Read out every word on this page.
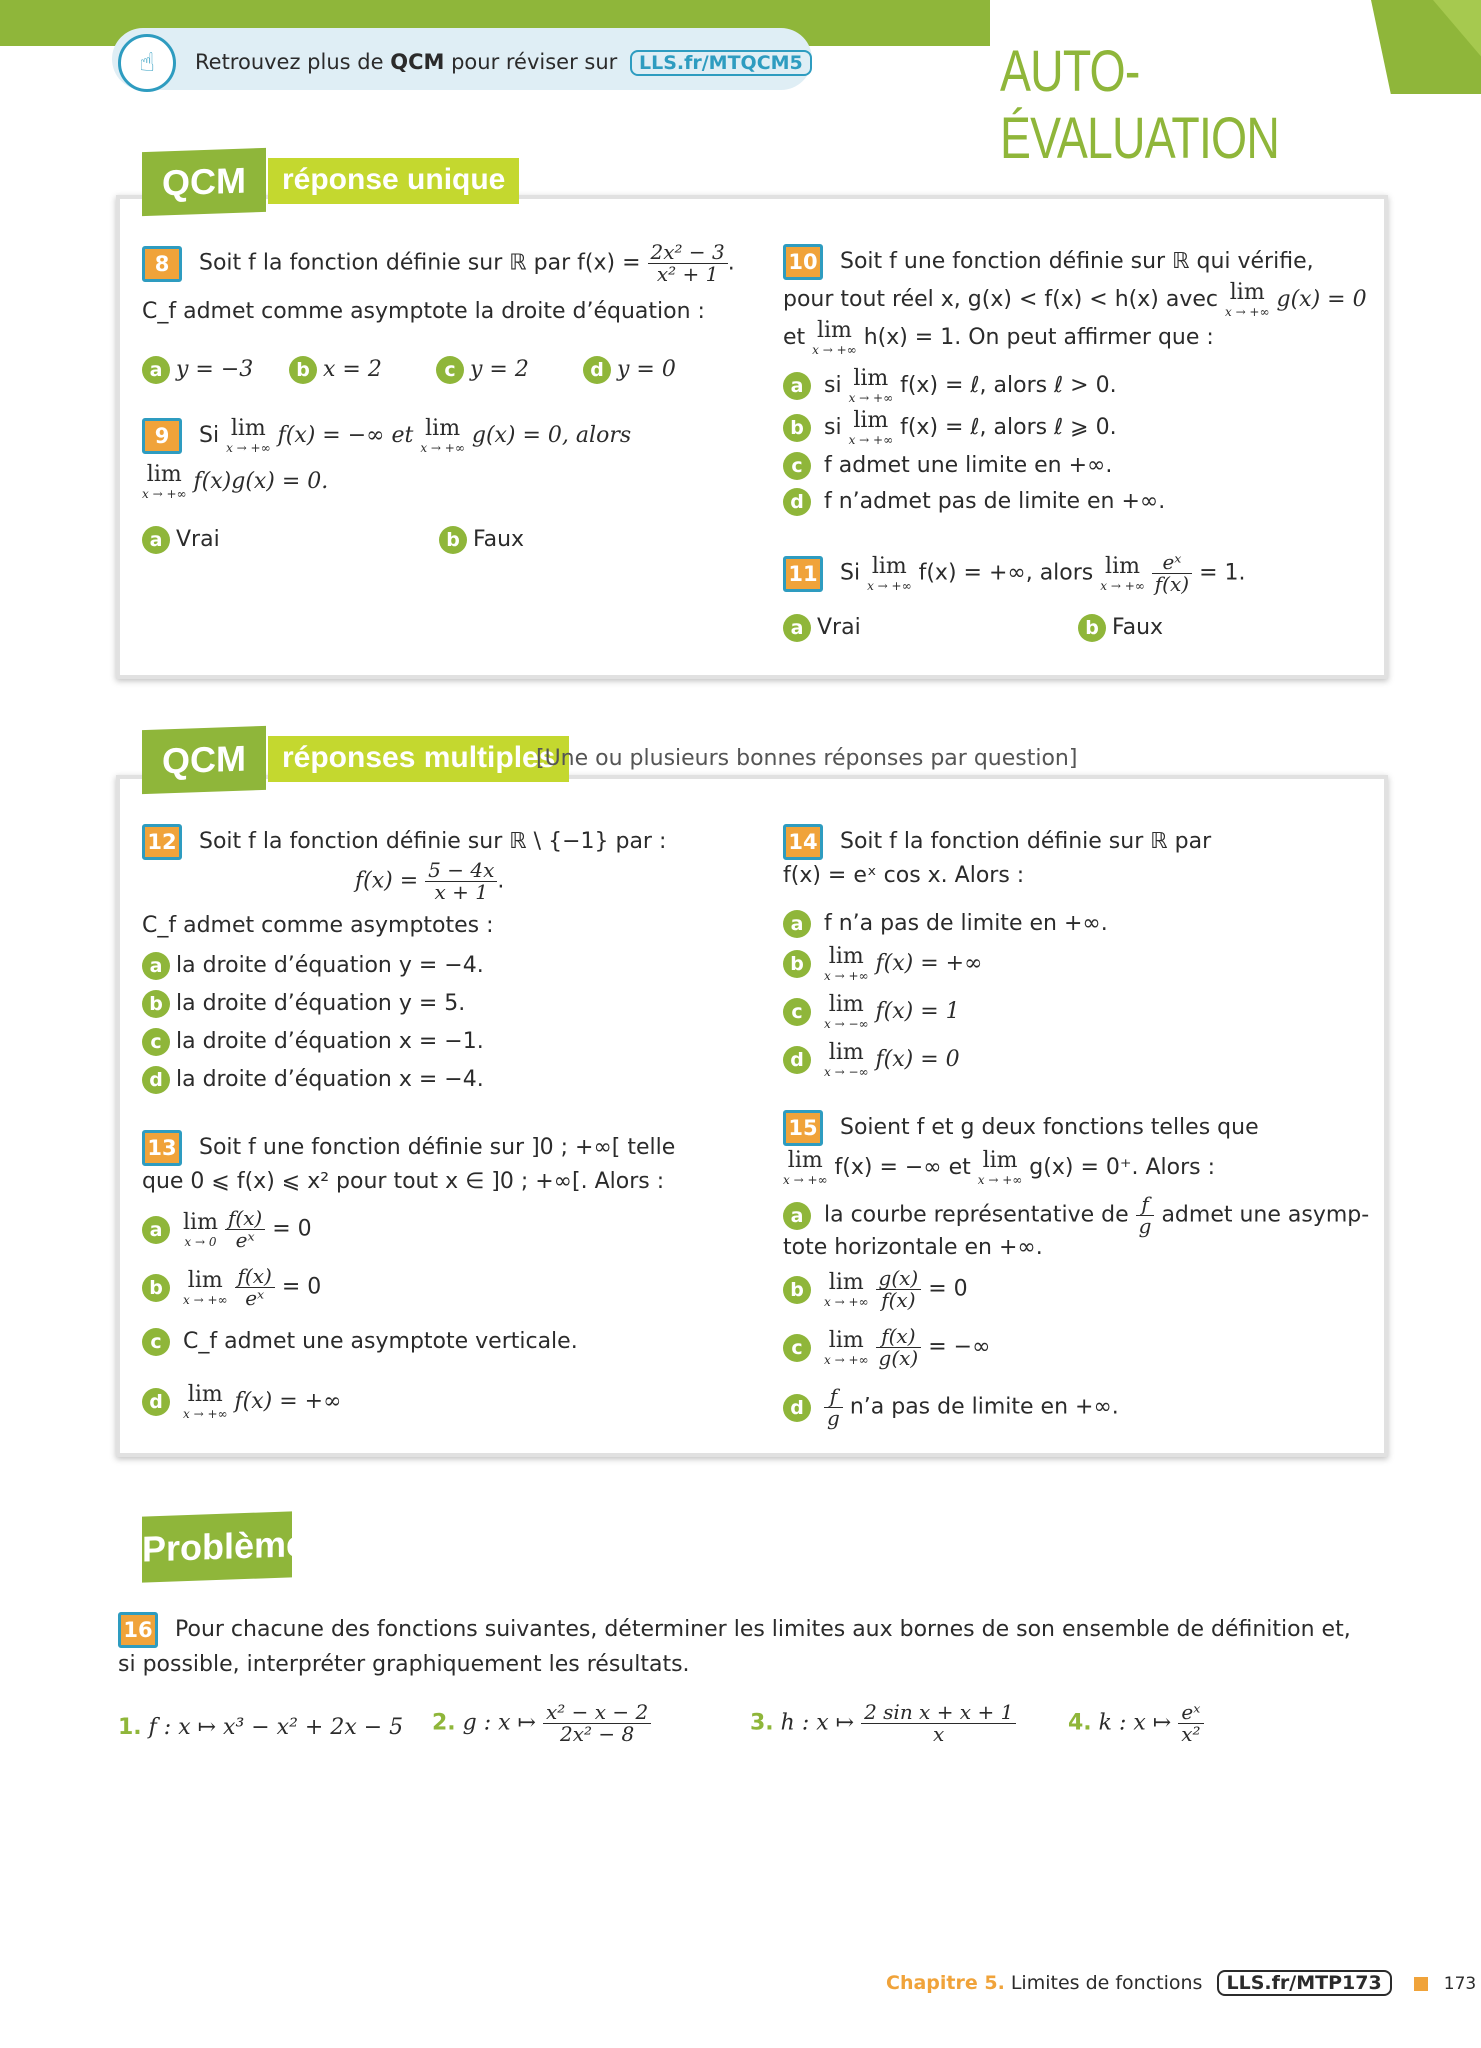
☝	Retrouvez plus de QCM pour réviser sur LLS.fr/MTQCM5	AUTO-ÉVALUATION
QCM	réponse unique
8 Soit f la fonction définie sur ℝ par $f(x) = \frac{\text{2x² − 3}}{\text{x² + 1}}$ .
C_f admet comme asymptote la droite d’équation :
a y = −3 b x = 2	c y = 2	d y = 0
9 Si lim
x → +∞ f(x) = −∞ et lim
x → +∞ g(x) = 0, alors
lim
x → +∞ f(x)g(x) = 0.
a Vrai	b Faux
10 Soit f une fonction définie sur ℝ qui vérifie,
pour tout réel x, g(x) < f(x) < h(x) avec lim
x → +∞ g(x) = 0
et lim
x → +∞ h(x) = 1. On peut affirmer que :
a si lim
x → +∞ f(x) = ℓ, alors ℓ > 0.
b si lim
x → +∞ f(x) = ℓ, alors ℓ ⩾ 0.
c f admet une limite en +∞.
d f n’admet pas de limite en +∞.
11 Si lim
x → +∞ f(x) = +∞, alors lim
x → +∞
$\frac{\text{eˣ}}{f(x)} = 1$.
a Vrai	b Faux
QCM	réponses multiples
[Une ou plusieurs bonnes réponses par question]
12 Soit f la fonction définie sur ℝ \ {−1} par :
$f(x) = \frac{5 - 4x}{x + 1}$ .
C_f admet comme asymptotes :
a la droite d’équation y = −4.
b la droite d’équation y = 5.
c la droite d’équation x = −1.
d la droite d’équation x = −4.
13 Soit f une fonction définie sur ]0 ; +∞[ telle
que 0 ⩽ f(x) ⩽ x² pour tout x ∈ ]0 ; +∞[. Alors :
a lim
x → 0
$\frac{f(x)}{\text{eˣ}} = 0$
b lim
x → +∞
$\frac{f(x)}{\text{eˣ}} = 0$
c C_f admet une asymptote verticale.
d lim
x → +∞ f(x) = +∞
14 Soit f la fonction définie sur ℝ par
f(x) = eˣ cos x. Alors :
a f n’a pas de limite en +∞.
b lim
x → +∞ f(x) = +∞
c lim
x → −∞ f(x) = 1
d lim
x → −∞ f(x) = 0
15 Soient f et g deux fonctions telles que
lim
x → +∞ f(x) = −∞ et lim
x → +∞ g(x) = 0⁺. Alors :
a la courbe représentative de $\frac{f}{g}$ admet une asymp-
tote horizontale en +∞.
b lim
x → +∞
$\frac{g(x)}{f(x)} = 0$
c lim
x → +∞
$\frac{f(x)}{g(x)}$ = −∞
d $\frac{f}{g}$ n’a pas de limite en +∞.
Problème
16 Pour chacune des fonctions suivantes, déterminer les limites aux bornes de son ensemble de définition et, si possible, interpréter graphiquement les résultats.
1. f : x ↦ x³ − x² + 2x − 5 2. g : x ↦ $\frac{\text{x² − x − 2}}{\text{2x² − 8}}$	3. h : x ↦ $\frac{\text{2 sin x + x + 1}}{x} 4$. k : x ↦ $\frac{\text{eˣ}}{\text{x²}}$
Chapitre 5. Limites de fonctions LLS.fr/MTP173	173
